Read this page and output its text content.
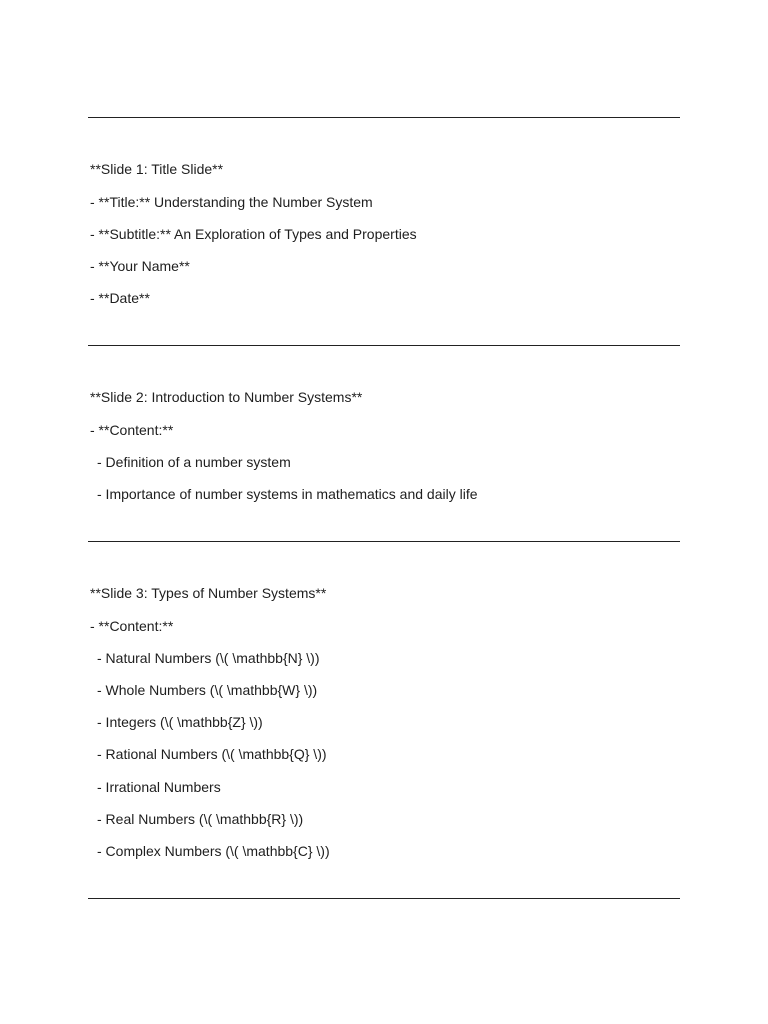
**Slide 1: Title Slide**
- **Title:** Understanding the Number System
- **Subtitle:** An Exploration of Types and Properties
- **Your Name**
- **Date**
**Slide 2: Introduction to Number Systems**
- **Content:**
- Definition of a number system
- Importance of number systems in mathematics and daily life
**Slide 3: Types of Number Systems**
- **Content:**
- Natural Numbers (\( \mathbb{N} \))
- Whole Numbers (\( \mathbb{W} \))
- Integers (\( \mathbb{Z} \))
- Rational Numbers (\( \mathbb{Q} \))
- Irrational Numbers
- Real Numbers (\( \mathbb{R} \))
- Complex Numbers (\( \mathbb{C} \))
